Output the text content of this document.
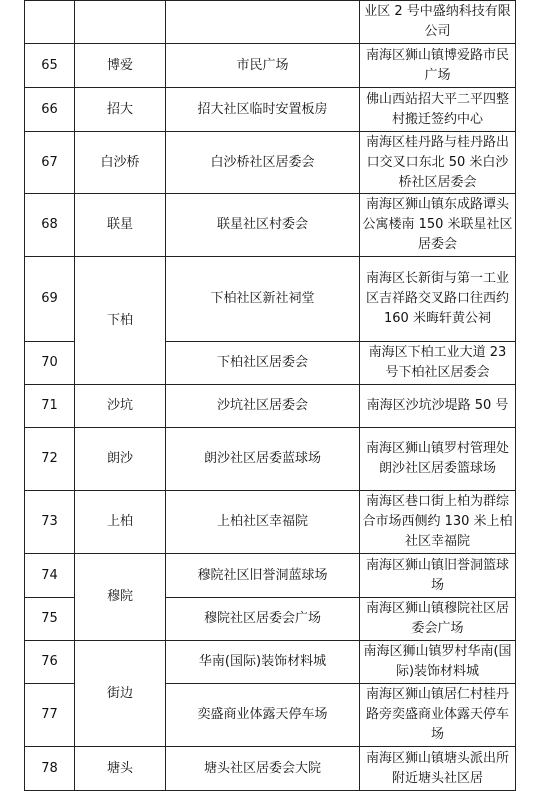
			业区 2 号中盛纳科技有限公司
65	博爱	市民广场	南海区狮山镇博爱路市民广场
66	招大	招大社区临时安置板房	佛山西站招大平二平四整村搬迁签约中心
67	白沙桥	白沙桥社区居委会	南海区桂丹路与桂丹路出口交叉口东北 50 米白沙桥社区居委会
68	联星	联星社区村委会	南海区狮山镇东成路谭头公寓楼南 150 米联星社区居委会
69	下柏	下柏社区新社祠堂	南海区长新街与第一工业区吉祥路交叉路口往西约 160 米晦轩黄公祠
70		下柏社区居委会	南海区下柏工业大道 23 号下柏社区居委会
71	沙坑	沙坑社区居委会	南海区沙坑沙堤路 50 号
72	朗沙	朗沙社区居委蓝球场	南海区狮山镇罗村管理处朗沙社区居委篮球场
73	上柏	上柏社区幸福院	南海区巷口街上柏为群综合市场西侧约 130 米上柏社区幸福院
74	穆院	穆院社区旧誉洞蓝球场	南海区狮山镇旧誉洞篮球场
75		穆院社区居委会广场	南海区狮山镇穆院社区居委会广场
76	街边	华南(国际)装饰材料城	南海区狮山镇罗村华南(国际)装饰材料城
77		奕盛商业体露天停车场	南海区狮山镇居仁村桂丹路旁奕盛商业体露天停车场
78	塘头	塘头社区居委会大院	南海区狮山镇塘头派出所附近塘头社区居
